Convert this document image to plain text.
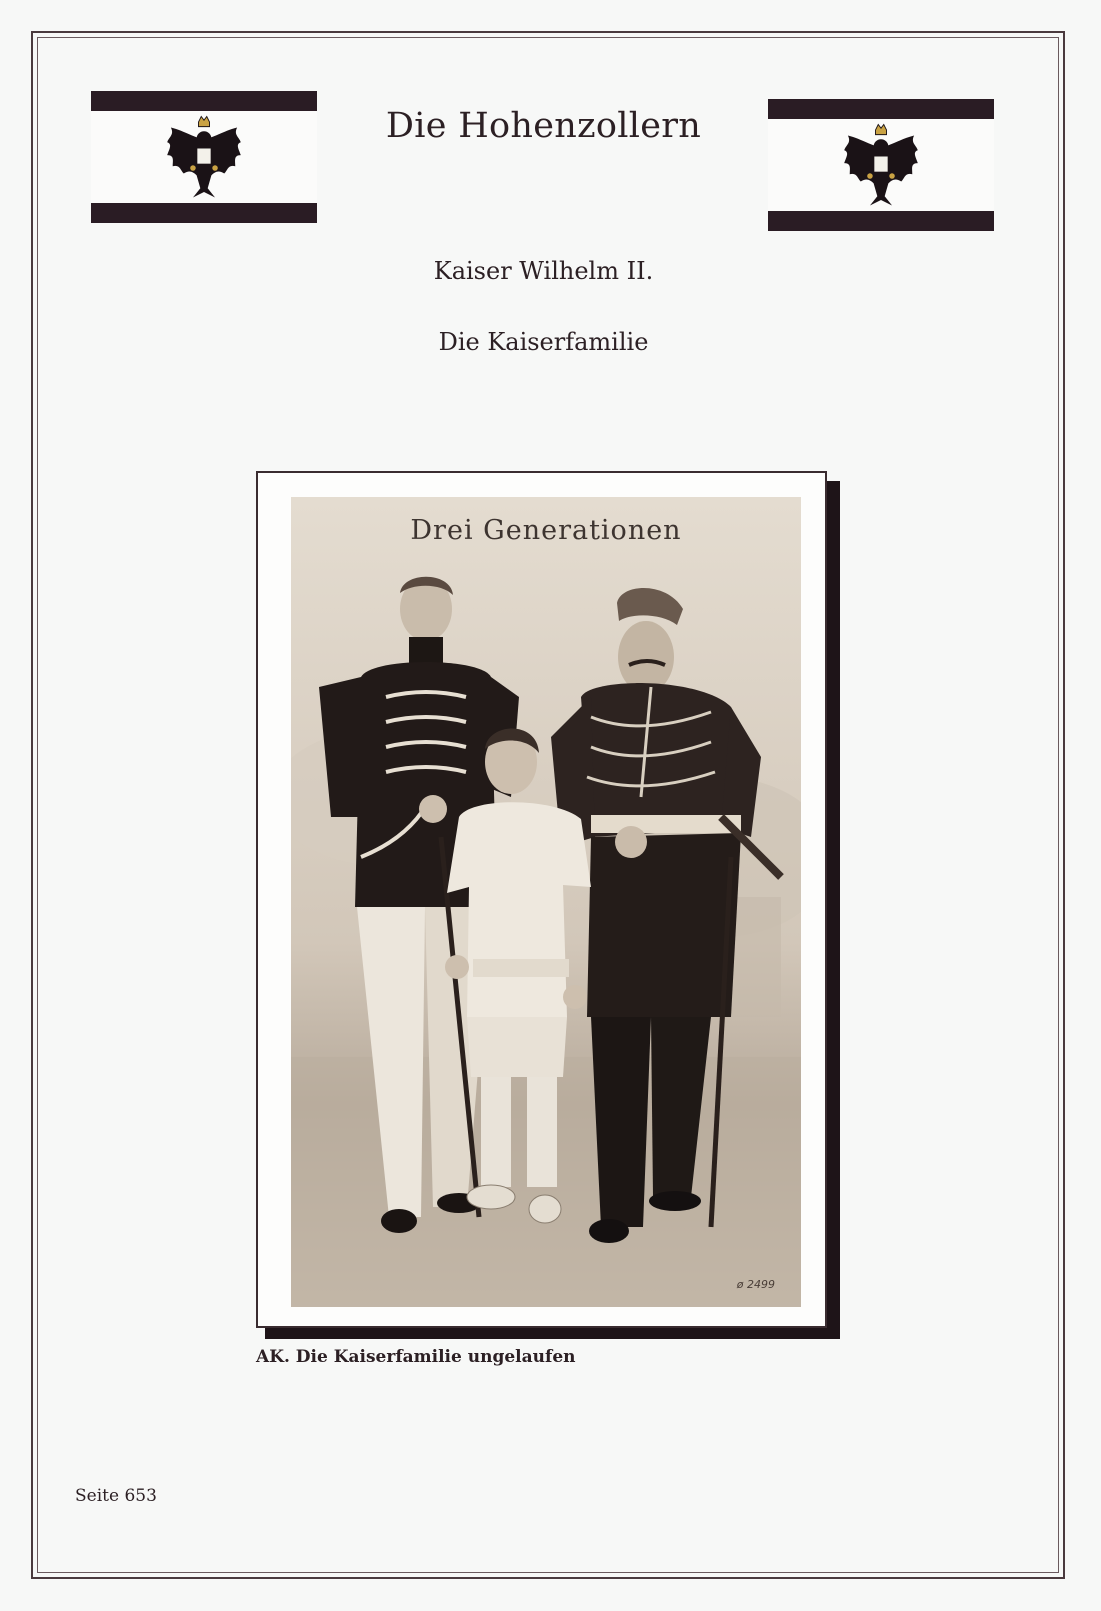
Die Hohenzollern
Kaiser Wilhelm II.
Die Kaiserfamilie
Drei Generationen
ø 2499
AK. Die Kaiserfamilie ungelaufen
Seite 653
